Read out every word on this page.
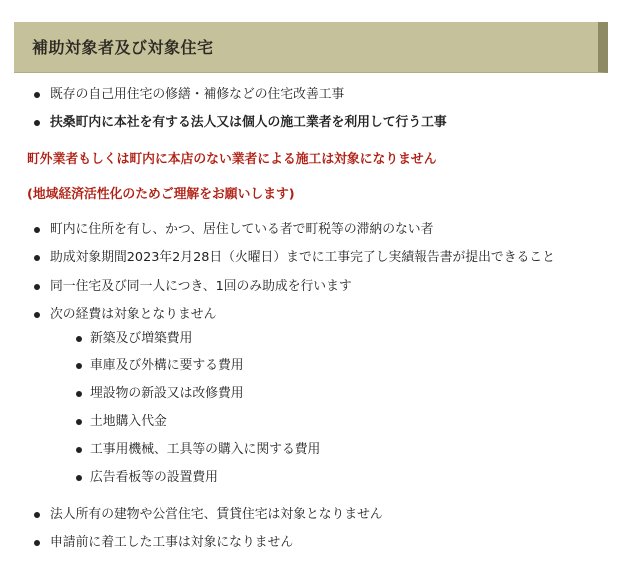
補助対象者及び対象住宅
既存の自己用住宅の修繕・補修などの住宅改善工事
扶桑町内に本社を有する法人又は個人の施工業者を利用して行う工事
町外業者もしくは町内に本店のない業者による施工は対象になりません
(地域経済活性化のためご理解をお願いします)
町内に住所を有し、かつ、居住している者で町税等の滞納のない者
助成対象期間2023年2月28日（火曜日）までに工事完了し実績報告書が提出できること
同一住宅及び同一人につき、1回のみ助成を行います
次の経費は対象となりません
新築及び増築費用
車庫及び外構に要する費用
埋設物の新設又は改修費用
土地購入代金
工事用機械、工具等の購入に関する費用
広告看板等の設置費用
法人所有の建物や公営住宅、賃貸住宅は対象となりません
申請前に着工した工事は対象になりません
